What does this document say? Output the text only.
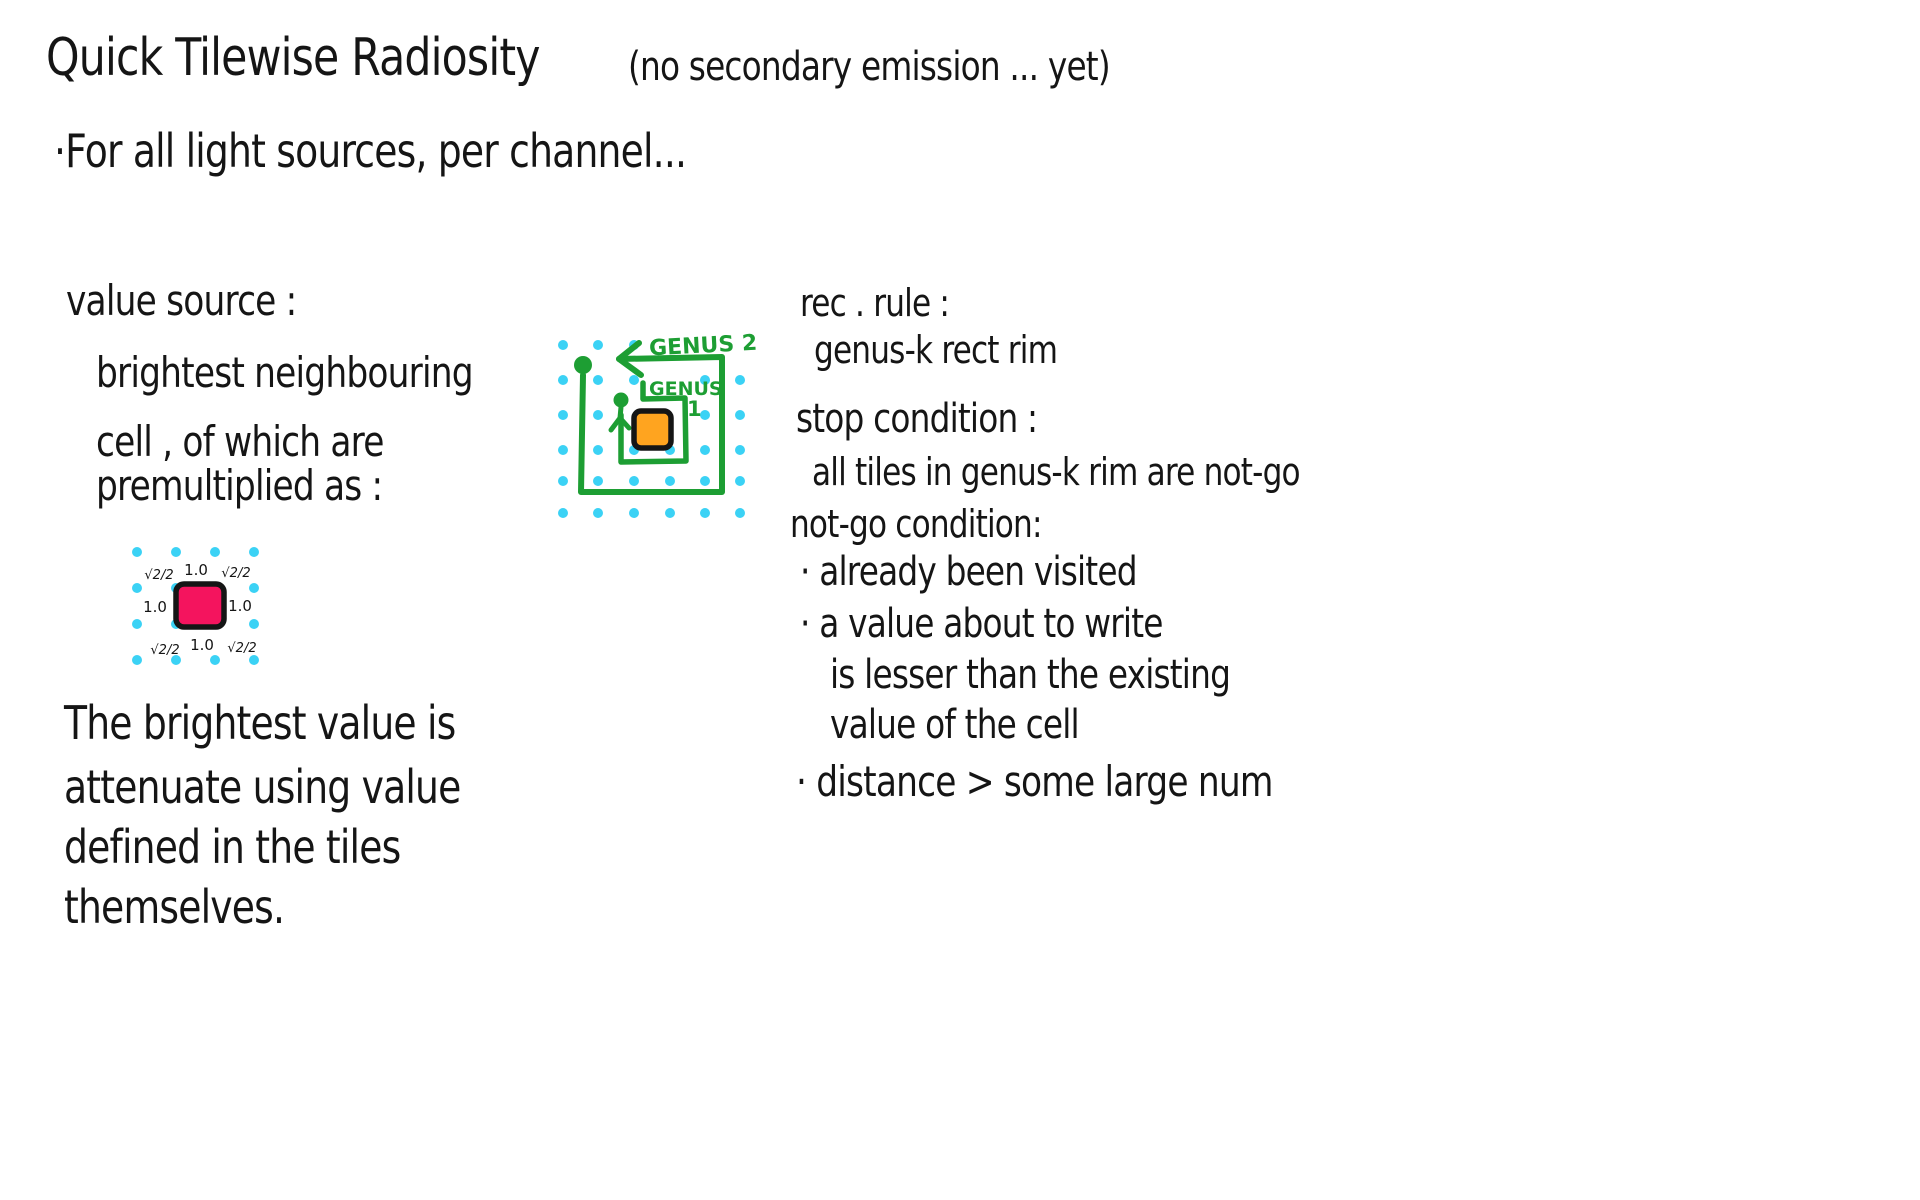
Quick Tilewise Radiosity (no secondary emission ... yet)
·For all light sources, per channel...
value source :
brightest neighbouring
cell , of which are
premultiplied as :
√2/2 1.0 √2/2
1.0	1.0
√2/2 1.0 √2/2
The brightest value is
attenuate using value
defined in the tiles
themselves.
GENUS 2
GENUS
1
rec . rule :
genus-k rect rim
stop condition :
all tiles in genus-k rim are not-go
not-go condition:
· already been visited
· a value about to write
is lesser than the existing
value of the cell
· distance > some large num
